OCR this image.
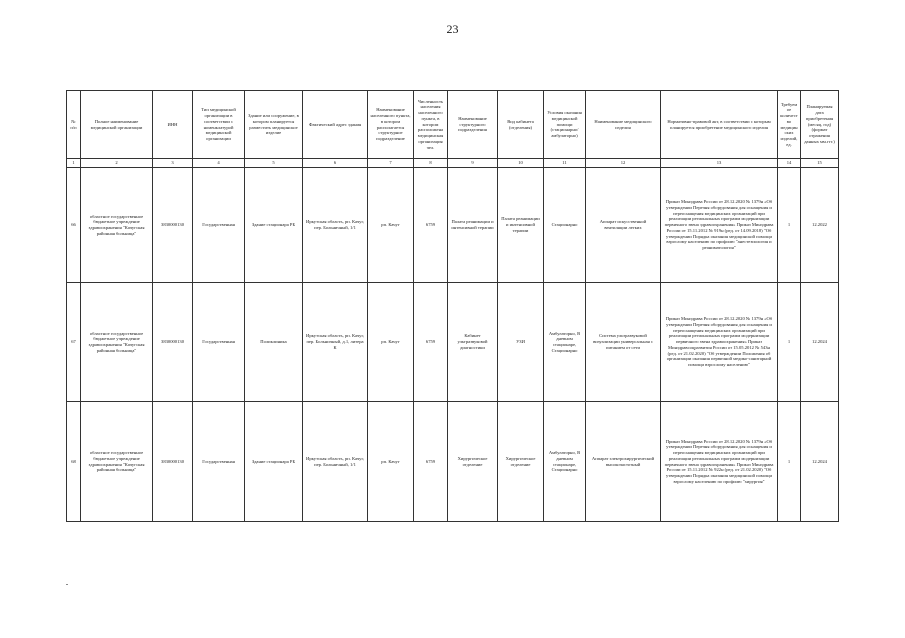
23
№ п/п	Полное наименование медицинской организации	ИНН	Тип медицинской организации в соответствии с номенклатурой медицинской организации	Здание или сооружение, в котором планируется разместить медицинское изделие	Фактический адрес здания	Наименование населенного пункта, в котором располагается структурное подразделение	Численность населения населенного пункта, в котором расположена медицинская организация чел.	Наименование структурного подразделения	Вид кабинета (отделения)	Условия оказания медицинской помощи (стационарно/амбулаторно)	Наименование медицинского изделия	Нормативно-правовой акт, в соответствии с которым планируется приобретение медицинского изделия	Требуемое количество медицинских изделий, ед.	Планируемая дата приобретения (месяц, год) (формат отражения данных мм.ггг.)
1	2	3	4	5	6	7	8	9	10	11	12	13	14	15
66	областное государственное бюджетное учреждение здравоохранения "Качугская районная больница"	3830000130	Государственная	Здание стационара РБ	Иркутская область, рп. Качуг, пер. Больничный, 1/1	рп. Качуг	6759	Палата реанимации и интенсивной терапии	Палата реанимации и интенсивной терапии	Стационарно	Аппарат искусственной вентиляции легких	Приказ Минздрава России от 28.12.2020 № 1379н «Об утверждении Перечня оборудования для оснащения и переоснащения медицинских организаций при реализации региональных программ модернизации первичного звена здравоохранения» Приказ Минздрава России от 15.11.2012 № 919н (ред. от 14.09.2018) "Об утверждении Порядка оказания медицинской помощи взрослому населению по профилю "анестезиология и реаниматология"	1	12.2022
67	областное государственное бюджетное учреждение здравоохранения "Качугская районная больница"	3830000130	Государственная	Поликлиника	Иркутская область, рп. Качуг, пер. Больничный, д.1, литера К	рп. Качуг	6759	Кабинет ультразвуковой диагностики	УЗИ	Амбулаторно, В дневном стационаре, Стационарно	Система ультразвуковой визуализации универсальная с питанием от сети	Приказ Минздрава России от 28.12.2020 № 1379н «Об утверждении Перечня оборудования для оснащения и переоснащения медицинских организаций при реализации региональных программ модернизации первичного звена здравоохранения» Приказ Минздравсоцразвития России от 15.05.2012 № 543н (ред. от 21.02.2020) "Об утверждении Положения об организации оказания первичной медико-санитарной помощи взрослому населению"	1	12.2024
68	областное государственное бюджетное учреждение здравоохранения "Качугская районная больница"	3830000130	Государственная	Здание стационара РБ	Иркутская область, рп. Качуг, пер. Больничный, 1/1	рп. Качуг	6759	Хирургическое отделение	Хирургическое отделение	Амбулаторно, В дневном стационаре, Стационарно	Аппарат электрохирургический высокочастотный	Приказ Минздрава России от 28.12.2020 № 1379н «Об утверждении Перечня оборудования для оснащения и переоснащения медицинских организаций при реализации региональных программ модернизации первичного звена здравоохранения» Приказ Минздрава России от 15.11.2012 № 922н (ред. от 21.02.2020) "Об утверждении Порядка оказания медицинской помощи взрослому населению по профилю "хирургия"	1	12.2024
